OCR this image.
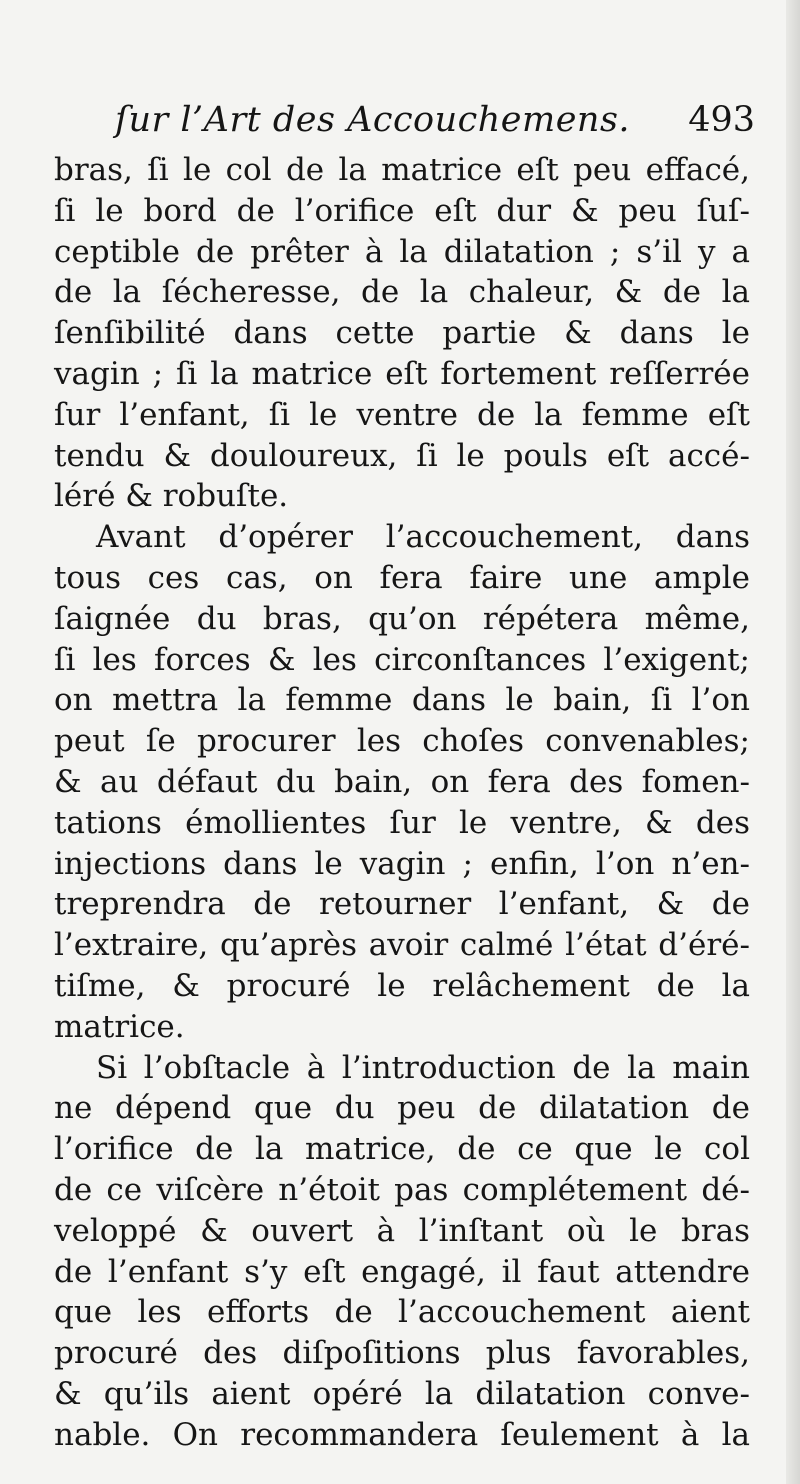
ſur l’Art des Accouchemens. 493
bras, ſi le col de la matrice eſt peu effacé,
ſi le bord de l’orifice eſt dur & peu ſuſ-
ceptible de prêter à la dilatation ; s’il y a
de la ſécheresse, de la chaleur, & de la
ſenſibilité dans cette partie & dans le
vagin ; ſi la matrice eſt fortement reſſerrée
ſur l’enfant, ſi le ventre de la femme eſt
tendu & douloureux, ſi le pouls eſt accé-
léré & robuſte.
Avant d’opérer l’accouchement, dans
tous ces cas, on fera faire une ample
ſaignée du bras, qu’on répétera même,
ſi les forces & les circonſtances l’exigent;
on mettra la femme dans le bain, ſi l’on
peut ſe procurer les choſes convenables;
& au défaut du bain, on fera des fomen-
tations émollientes ſur le ventre, & des
injections dans le vagin ; enfin, l’on n’en-
treprendra de retourner l’enfant, & de
l’extraire, qu’après avoir calmé l’état d’éré-
tiſme, & procuré le relâchement de la
matrice.
Si l’obſtacle à l’introduction de la main
ne dépend que du peu de dilatation de
l’orifice de la matrice, de ce que le col
de ce viſcère n’étoit pas complétement dé-
veloppé & ouvert à l’inſtant où le bras
de l’enfant s’y eſt engagé, il faut attendre
que les efforts de l’accouchement aient
procuré des diſpoſitions plus favorables,
& qu’ils aient opéré la dilatation conve-
nable. On recommandera ſeulement à la
